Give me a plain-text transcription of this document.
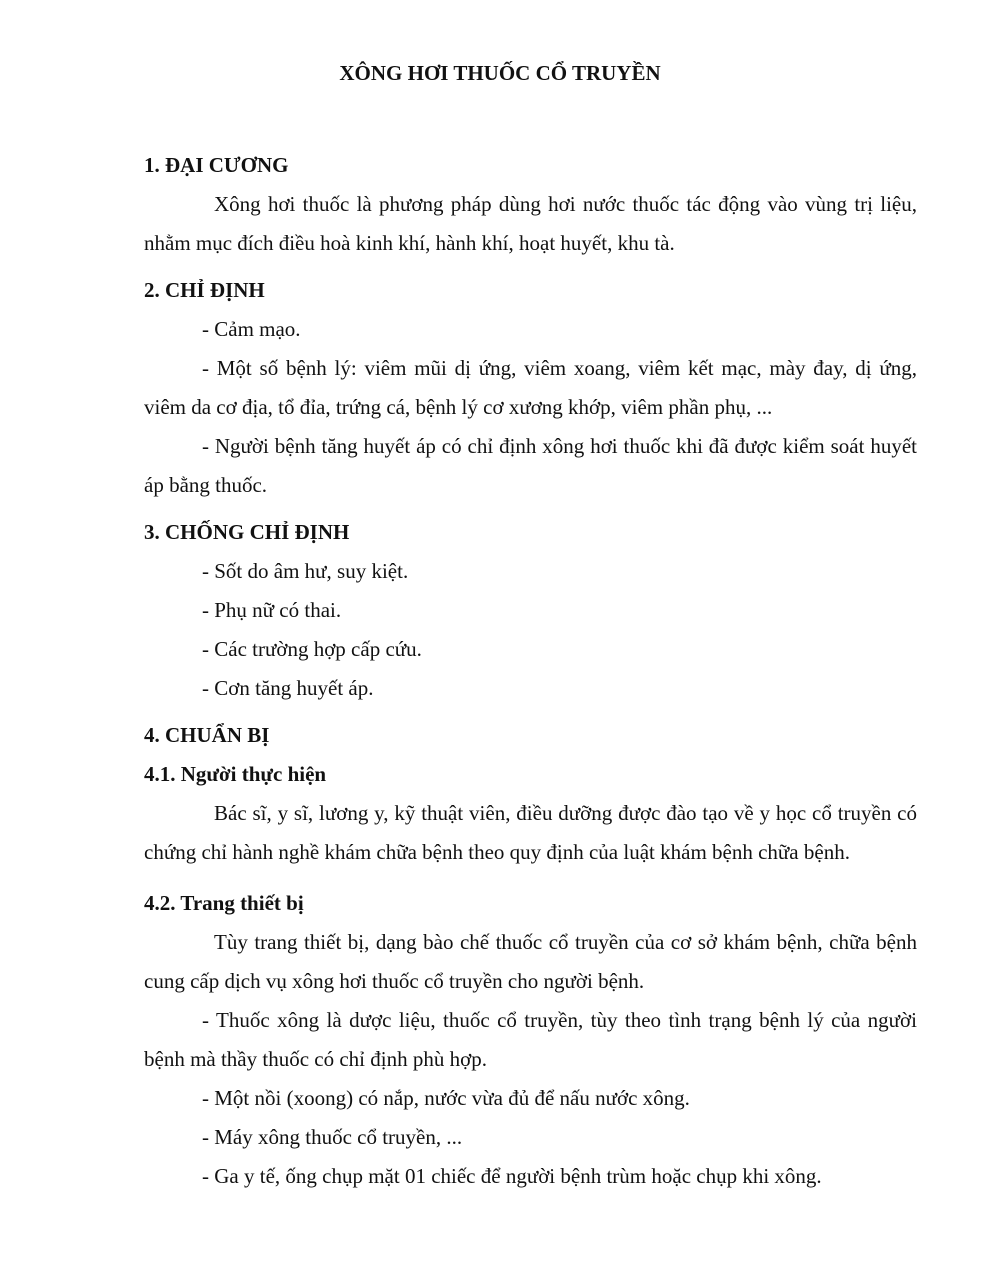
XÔNG HƠI THUỐC CỔ TRUYỀN
1. ĐẠI CƯƠNG

Xông hơi thuốc là phương pháp dùng hơi nước thuốc tác động vào vùng trị liệu, nhằm mục đích điều hoà kinh khí, hành khí, hoạt huyết, khu tà.

2. CHỈ ĐỊNH

- Cảm mạo.

- Một số bệnh lý: viêm mũi dị ứng, viêm xoang, viêm kết mạc, mày đay, dị ứng, viêm da cơ địa, tổ đỉa, trứng cá, bệnh lý cơ xương khớp, viêm phần phụ, ...

- Người bệnh tăng huyết áp có chỉ định xông hơi thuốc khi đã được kiểm soát huyết áp bằng thuốc.

3. CHỐNG CHỈ ĐỊNH

- Sốt do âm hư, suy kiệt.

- Phụ nữ có thai.

- Các trường hợp cấp cứu.

- Cơn tăng huyết áp.

4. CHUẨN BỊ
4.1. Người thực hiện

Bác sĩ, y sĩ, lương y, kỹ thuật viên, điều dưỡng được đào tạo về y học cổ truyền có chứng chỉ hành nghề khám chữa bệnh theo quy định của luật khám bệnh chữa bệnh.

4.2. Trang thiết bị

Tùy trang thiết bị, dạng bào chế thuốc cổ truyền của cơ sở khám bệnh, chữa bệnh cung cấp dịch vụ xông hơi thuốc cổ truyền cho người bệnh.

- Thuốc xông là dược liệu, thuốc cổ truyền, tùy theo tình trạng bệnh lý của người bệnh mà thầy thuốc có chỉ định phù hợp.

- Một nồi (xoong) có nắp, nước vừa đủ để nấu nước xông.

- Máy xông thuốc cổ truyền, ...

- Ga y tế, ống chụp mặt 01 chiếc để người bệnh trùm hoặc chụp khi xông.
